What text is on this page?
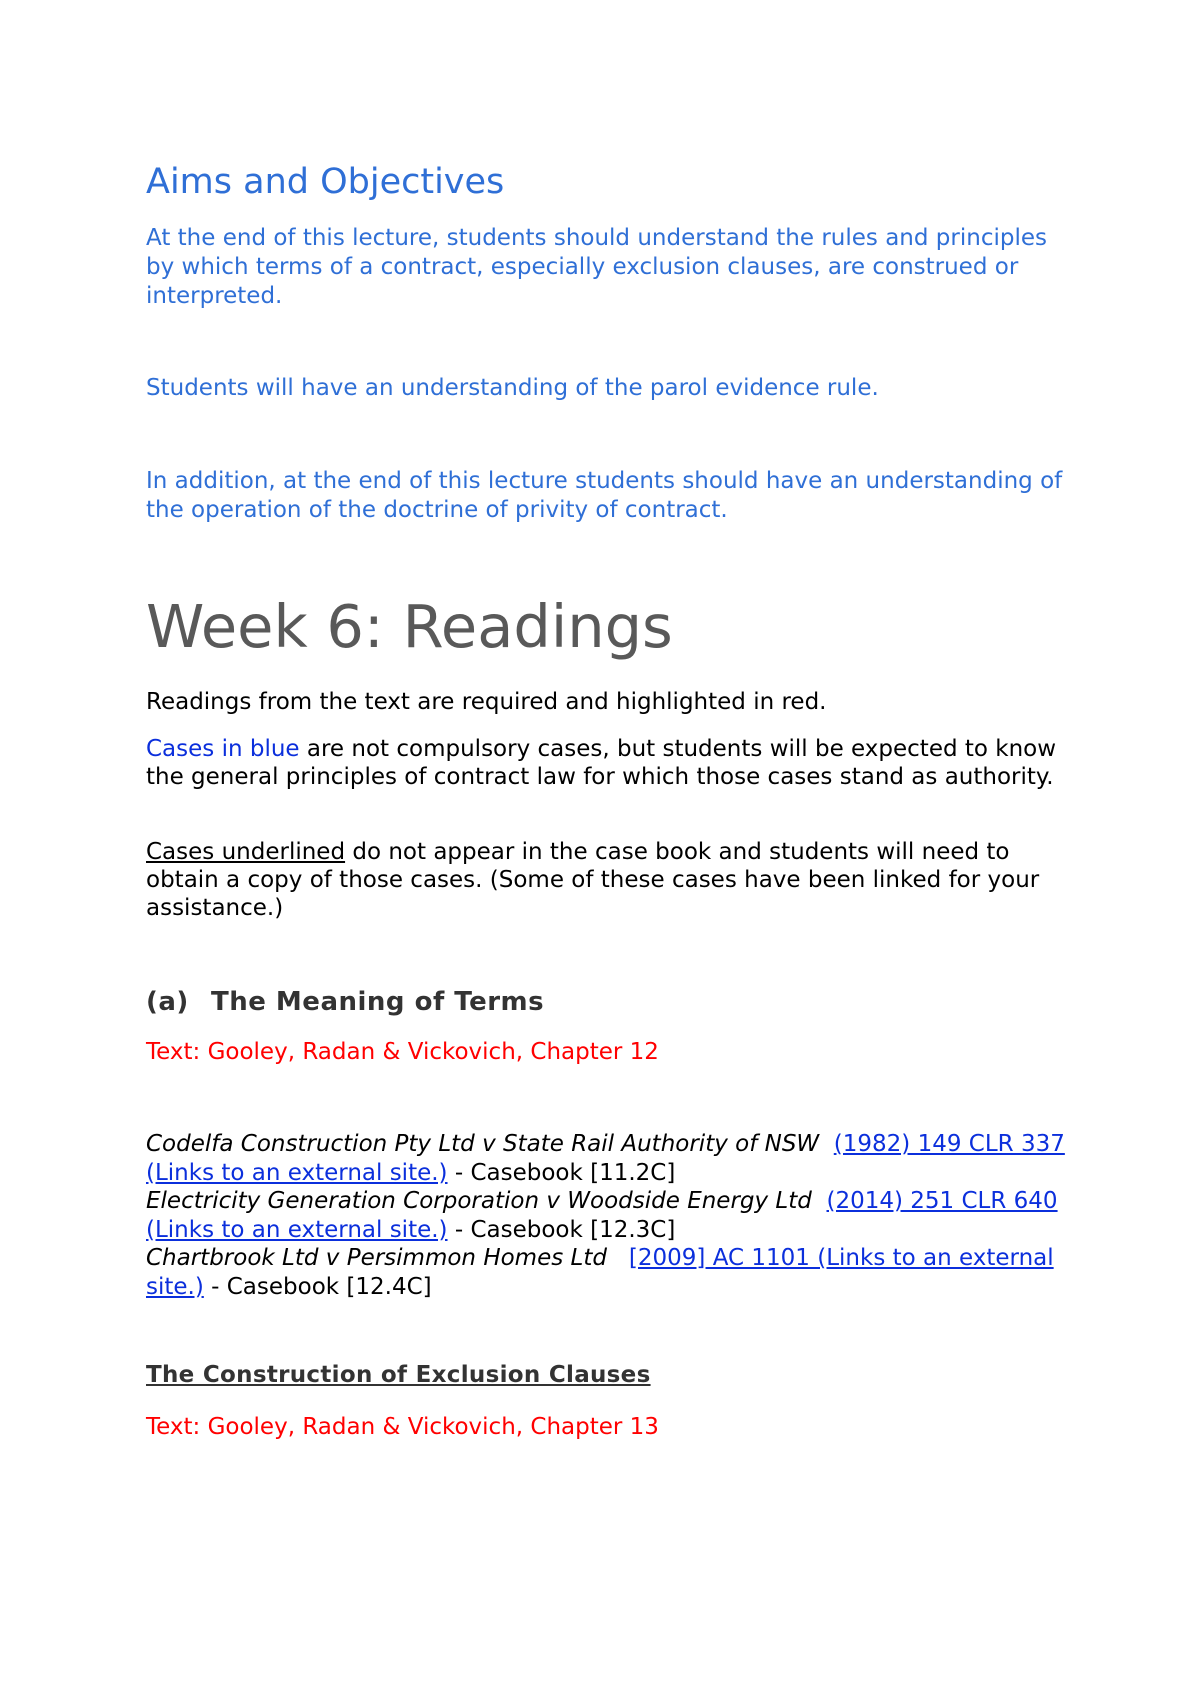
Aims and Objectives

At the end of this lecture, students should understand the rules and principles by which terms of a contract, especially exclusion clauses, are construed or interpreted.

Students will have an understanding of the parol evidence rule.

In addition, at the end of this lecture students should have an understanding of the operation of the doctrine of privity of contract.

Week 6: Readings

Readings from the text are required and highlighted in red.

Cases in blue are not compulsory cases, but students will be expected to know the general principles of contract law for which those cases stand as authority.

Cases underlined do not appear in the case book and students will need to obtain a copy of those cases. (Some of these cases have been linked for your assistance.)

(a) The Meaning of Terms

Text: Gooley, Radan & Vickovich, Chapter 12

Codelfa Construction Pty Ltd v State Rail Authority of NSW (1982) 149 CLR 337 (Links to an external site.) - Casebook [11.2C]
Electricity Generation Corporation v Woodside Energy Ltd (2014) 251 CLR 640 (Links to an external site.) - Casebook [12.3C]
Chartbrook Ltd v Persimmon Homes Ltd [2009] AC 1101 (Links to an external site.) - Casebook [12.4C]
The Construction of Exclusion Clauses

Text: Gooley, Radan & Vickovich, Chapter 13
